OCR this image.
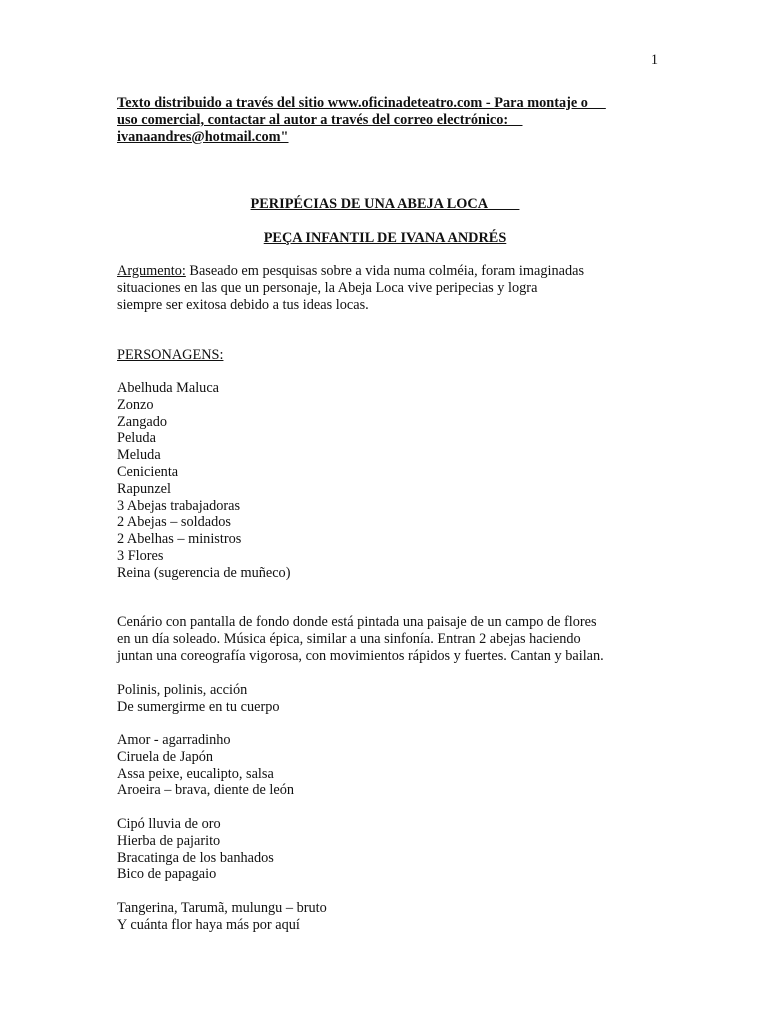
1
Texto distribuido a través del sitio www.oficinadeteatro.com - Para montaje o
uso comercial, contactar al autor a través del correo electrónico:
ivanaandres@hotmail.com"
PERIPÉCIAS DE UNA ABEJA LOCA
PEÇA INFANTIL DE IVANA ANDRÉS
Argumento: Baseado em pesquisas sobre a vida numa colméia, foram imaginadas
situaciones en las que un personaje, la Abeja Loca vive peripecias y logra
siempre ser exitosa debido a tus ideas locas.
PERSONAGENS:
Abelhuda Maluca
Zonzo
Zangado
Peluda
Meluda
Cenicienta
Rapunzel
3 Abejas trabajadoras
2 Abejas – soldados
2 Abelhas – ministros
3 Flores
Reina (sugerencia de muñeco)
Cenário con pantalla de fondo donde está pintada una paisaje de un campo de flores
en un día soleado. Música épica, similar a una sinfonía. Entran 2 abejas haciendo
juntan una coreografía vigorosa, con movimientos rápidos y fuertes. Cantan y bailan.
Polinis, polinis, acción
De sumergirme en tu cuerpo
Amor - agarradinho
Ciruela de Japón
Assa peixe, eucalipto, salsa
Aroeira – brava, diente de león
Cipó lluvia de oro
Hierba de pajarito
Bracatinga de los banhados
Bico de papagaio
Tangerina, Tarumã, mulungu – bruto
Y cuánta flor haya más por aquí
